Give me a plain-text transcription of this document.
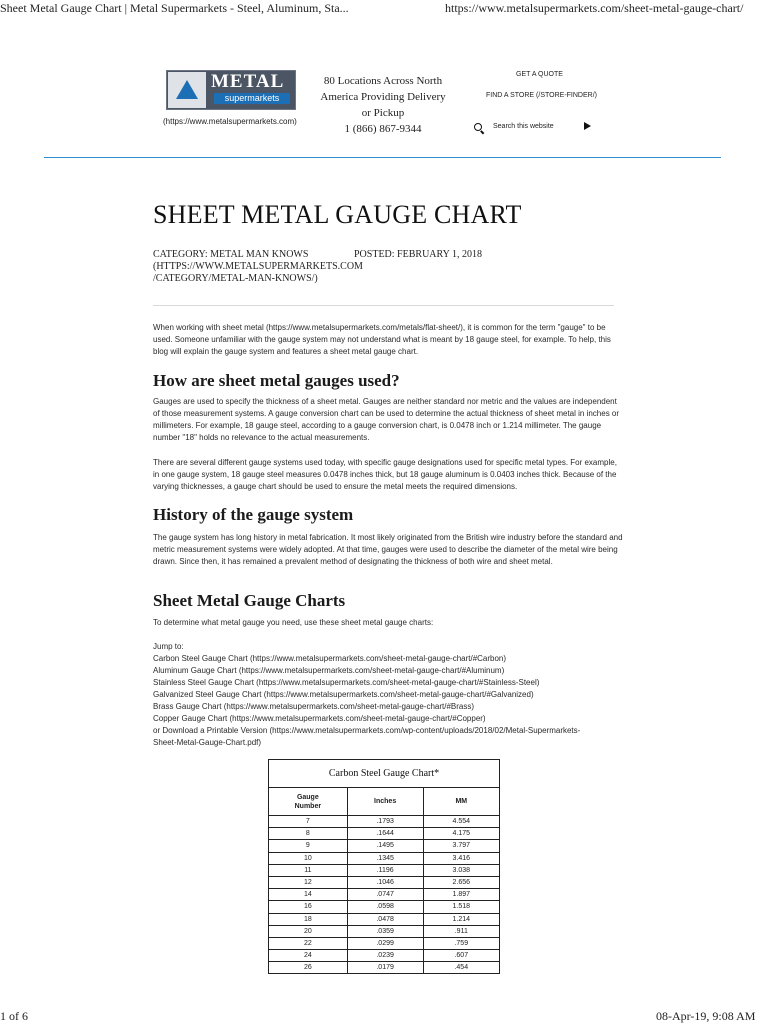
Sheet Metal Gauge Chart | Metal Supermarkets - Steel, Aluminum, Sta...	https://www.metalsupermarkets.com/sheet-metal-gauge-chart/
METAL
supermarkets
(https://www.metalsupermarkets.com)
80 Locations Across North
America Providing Delivery
or Pickup
1 (866) 867-9344
GET A QUOTE
FIND A STORE (/STORE-FINDER/)
Search this website
SHEET METAL GAUGE CHART
CATEGORY: METAL MAN KNOWS
(HTTPS://WWW.METALSUPERMARKETS.COM
/CATEGORY/METAL-MAN-KNOWS/)
POSTED: FEBRUARY 1, 2018

When working with sheet metal (https://www.metalsupermarkets.com/metals/flat-sheet/), it is common for the term "gauge" to be used. Someone unfamiliar with the gauge system may not understand what is meant by 18 gauge steel, for example. To help, this blog will explain the gauge system and features a sheet metal gauge chart.

How are sheet metal gauges used?

Gauges are used to specify the thickness of a sheet metal. Gauges are neither standard nor metric and the values are independent of those measurement systems. A gauge conversion chart can be used to determine the actual thickness of sheet metal in inches or millimeters. For example, 18 gauge steel, according to a gauge conversion chart, is 0.0478 inch or 1.214 millimeter. The gauge number "18" holds no relevance to the actual measurements.

There are several different gauge systems used today, with specific gauge designations used for specific metal types. For example, in one gauge system, 18 gauge steel measures 0.0478 inches thick, but 18 gauge aluminum is 0.0403 inches thick. Because of the varying thicknesses, a gauge chart should be used to ensure the metal meets the required dimensions.

History of the gauge system

The gauge system has long history in metal fabrication. It most likely originated from the British wire industry before the standard and metric measurement systems were widely adopted. At that time, gauges were used to describe the diameter of the metal wire being drawn. Since then, it has remained a prevalent method of designating the thickness of both wire and sheet metal.

Sheet Metal Gauge Charts

To determine what metal gauge you need, use these sheet metal gauge charts:

Jump to:
Carbon Steel Gauge Chart (https://www.metalsupermarkets.com/sheet-metal-gauge-chart/#Carbon)
Aluminum Gauge Chart (https://www.metalsupermarkets.com/sheet-metal-gauge-chart/#Aluminum)
Stainless Steel Gauge Chart (https://www.metalsupermarkets.com/sheet-metal-gauge-chart/#Stainless-Steel)
Galvanized Steel Gauge Chart (https://www.metalsupermarkets.com/sheet-metal-gauge-chart/#Galvanized)
Brass Gauge Chart (https://www.metalsupermarkets.com/sheet-metal-gauge-chart/#Brass)
Copper Gauge Chart (https://www.metalsupermarkets.com/sheet-metal-gauge-chart/#Copper)
or Download a Printable Version (https://www.metalsupermarkets.com/wp-content/uploads/2018/02/Metal-Supermarkets-
Sheet-Metal-Gauge-Chart.pdf)
Carbon Steel Gauge Chart*
Gauge
Number	Inches	MM
7	.1793	4.554
8	.1644	4.175
9	.1495	3.797
10	.1345	3.416
11	.1196	3.038
12	.1046	2.656
14	.0747	1.897
16	.0598	1.518
18	.0478	1.214
20	.0359	.911
22	.0299	.759
24	.0239	.607
26	.0179	.454
1 of 6	08-Apr-19, 9:08 AM
